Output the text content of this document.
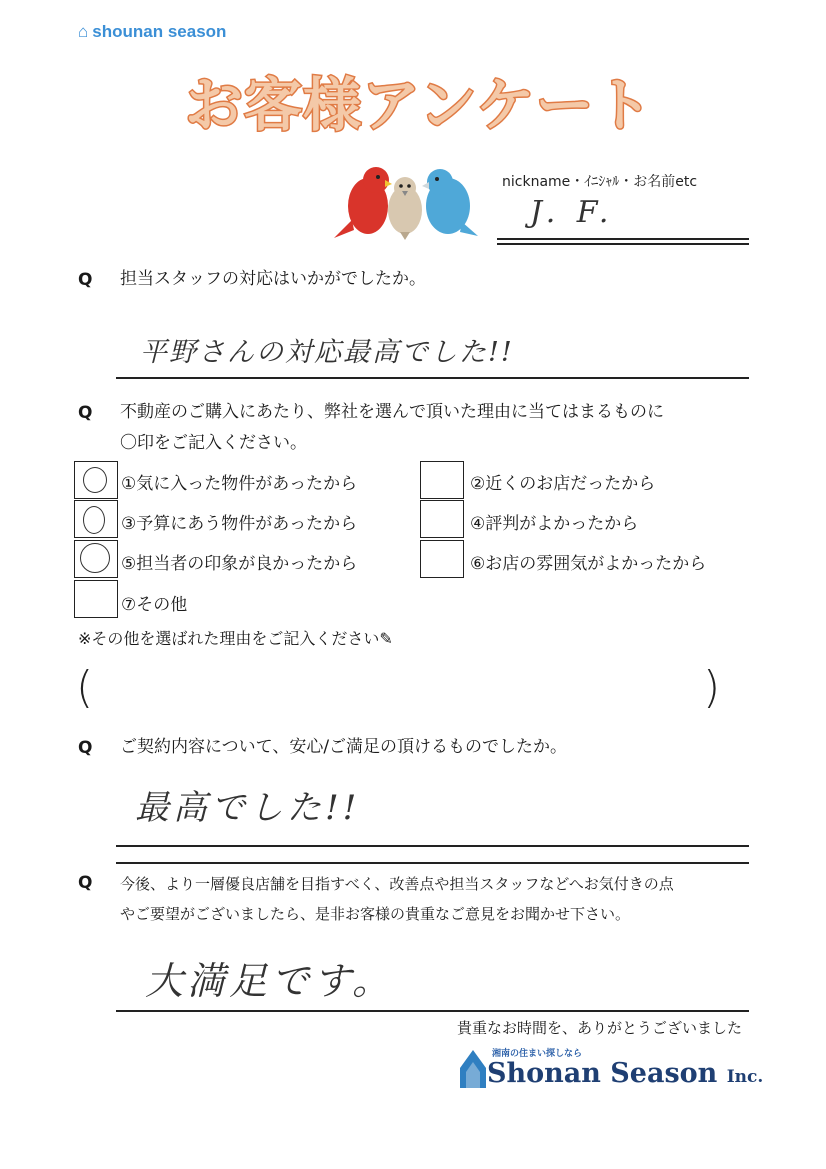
⌂ shounan season
お客様アンケート
nickname・ｲﾆｼｬﾙ・お名前etc
J. F.
Q 担当スタッフの対応はいかがでしたか。
平野さんの対応最高でした!!
Q 不動産のご購入にあたり、弊社を選んで頂いた理由に当てはまるものに
〇印をご記入ください。
①気に入った物件があったから	②近くのお店だったから
③予算にあう物件があったから	④評判がよかったから
⑤担当者の印象が良かったから	⑥お店の雰囲気がよかったから
⑦その他
※その他を選ばれた理由をご記入ください✎
(	)
Q ご契約内容について、安心/ご満足の頂けるものでしたか。
最高でした!!
Q 今後、より一層優良店舗を目指すべく、改善点や担当スタッフなどへお気付きの点
やご要望がございましたら、是非お客様の貴重なご意見をお聞かせ下さい。
大満足です。
貴重なお時間を、ありがとうございました
湘南の住まい探しなら
Shonan Season Inc.
